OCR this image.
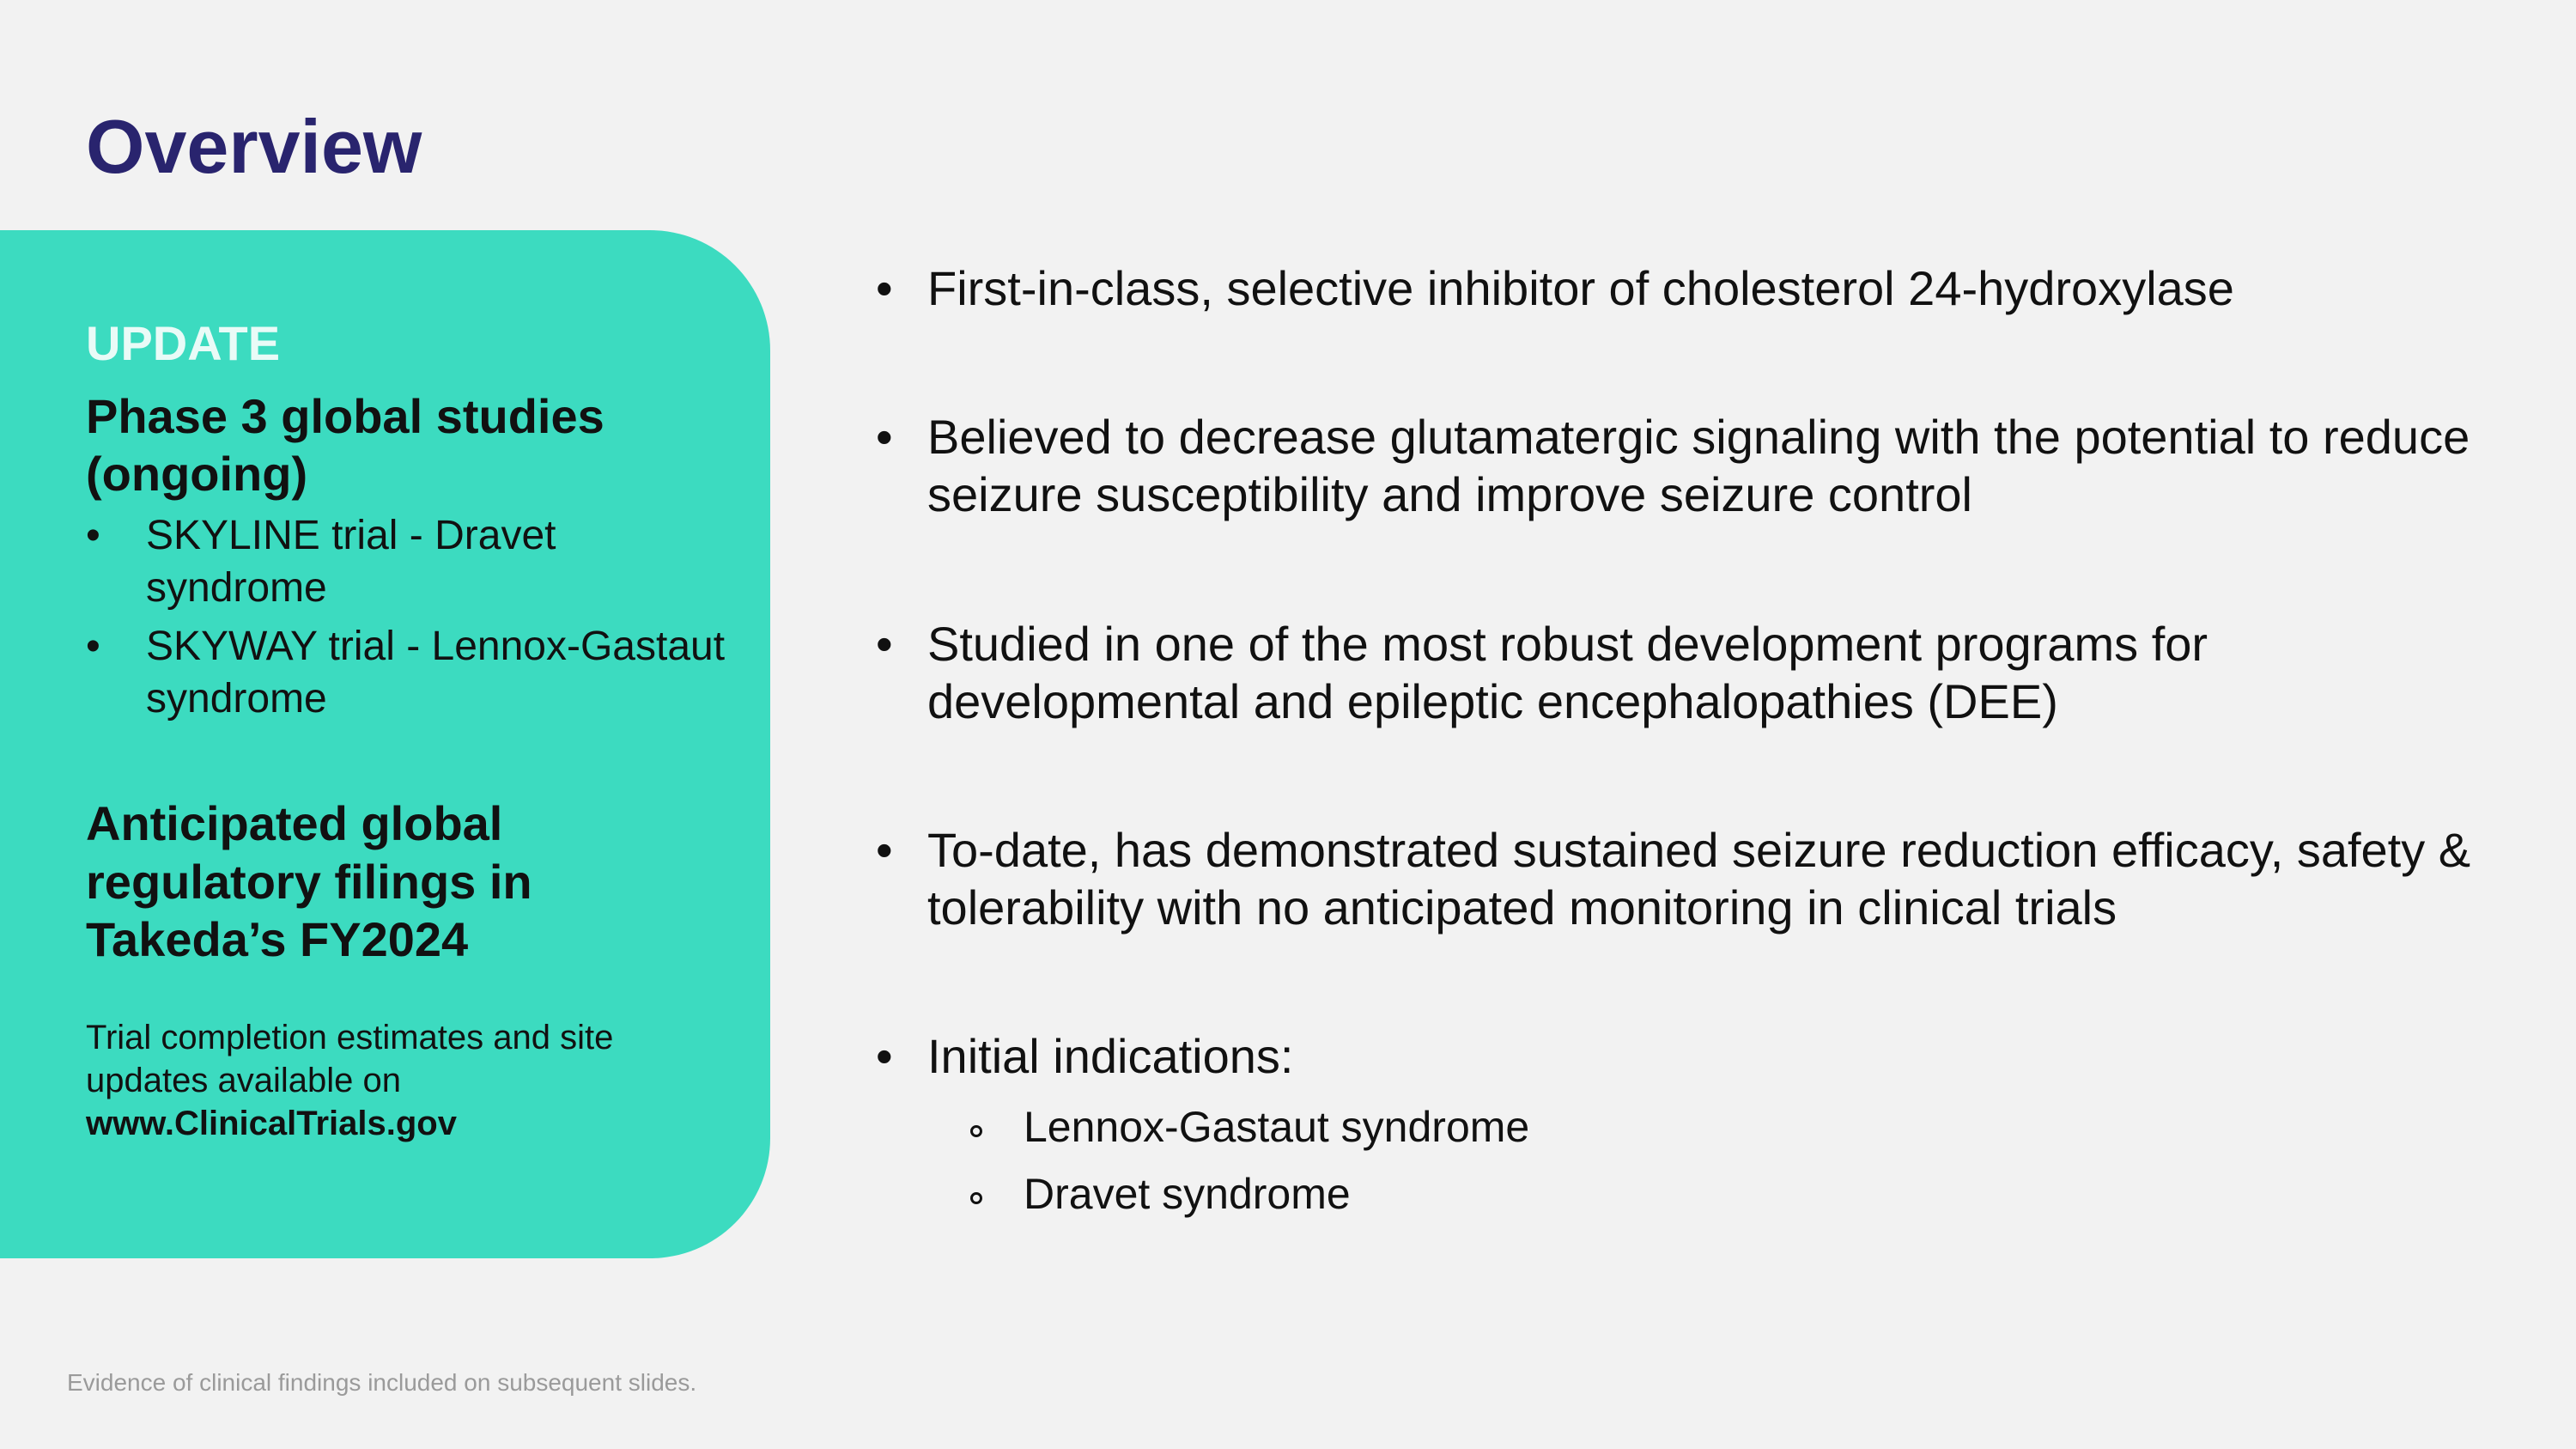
Overview

UPDATE

Phase 3 global studies (ongoing)

• SKYLINE trial - Dravet syndrome
• SKYWAY trial - Lennox-Gastaut syndrome

Anticipated global regulatory filings in Takeda’s FY2024

Trial completion estimates and site updates available on
www.ClinicalTrials.gov
• First-in-class, selective inhibitor of cholesterol 24-hydroxylase
• Believed to decrease glutamatergic signaling with the potential to reduce seizure susceptibility and improve seizure control
• Studied in one of the most robust development programs for developmental and epileptic encephalopathies (DEE)
• To-date, has demonstrated sustained seizure reduction efficacy, safety & tolerability with no anticipated monitoring in clinical trials
• Initial indications:
Lennox-Gastaut syndrome
Dravet syndrome
Evidence of clinical findings included on subsequent slides.
